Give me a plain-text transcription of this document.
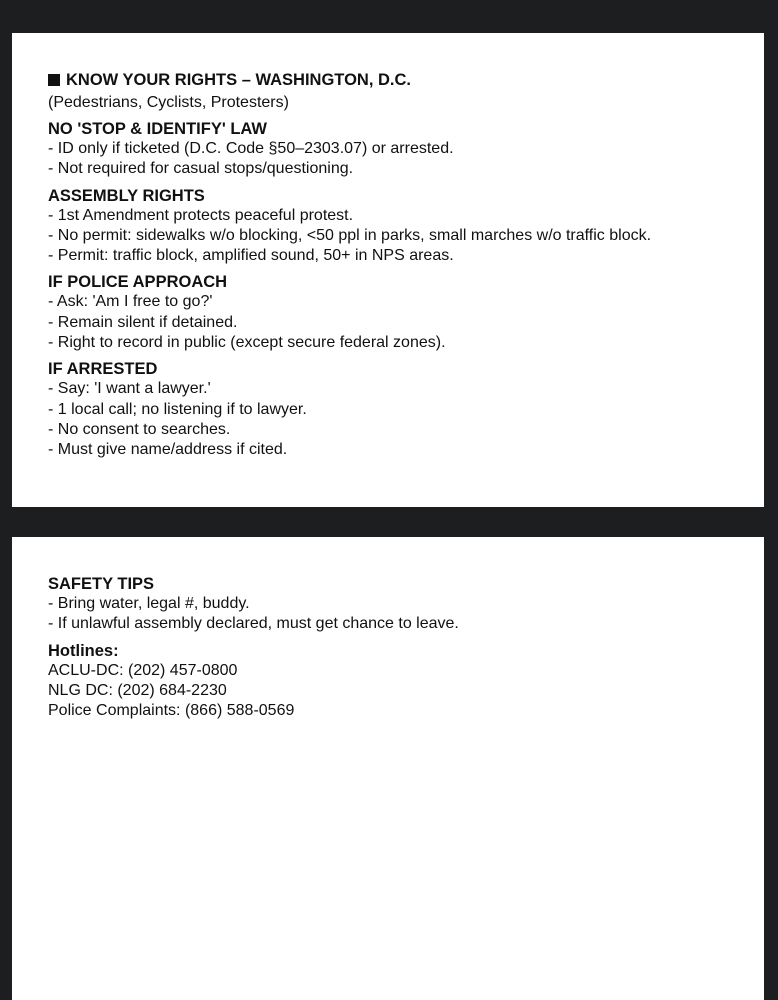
KNOW YOUR RIGHTS – WASHINGTON, D.C.

(Pedestrians, Cyclists, Protesters)

NO 'STOP & IDENTIFY' LAW

- ID only if ticketed (D.C. Code §50–2303.07) or arrested.

- Not required for casual stops/questioning.

ASSEMBLY RIGHTS

- 1st Amendment protects peaceful protest.

- No permit: sidewalks w/o blocking, <50 ppl in parks, small marches w/o traffic block.

- Permit: traffic block, amplified sound, 50+ in NPS areas.

IF POLICE APPROACH

- Ask: 'Am I free to go?'

- Remain silent if detained.

- Right to record in public (except secure federal zones).

IF ARRESTED

- Say: 'I want a lawyer.'

- 1 local call; no listening if to lawyer.

- No consent to searches.

- Must give name/address if cited.

SAFETY TIPS

- Bring water, legal #, buddy.

- If unlawful assembly declared, must get chance to leave.

Hotlines:

ACLU-DC: (202) 457-0800

NLG DC: (202) 684-2230

Police Complaints: (866) 588-0569
